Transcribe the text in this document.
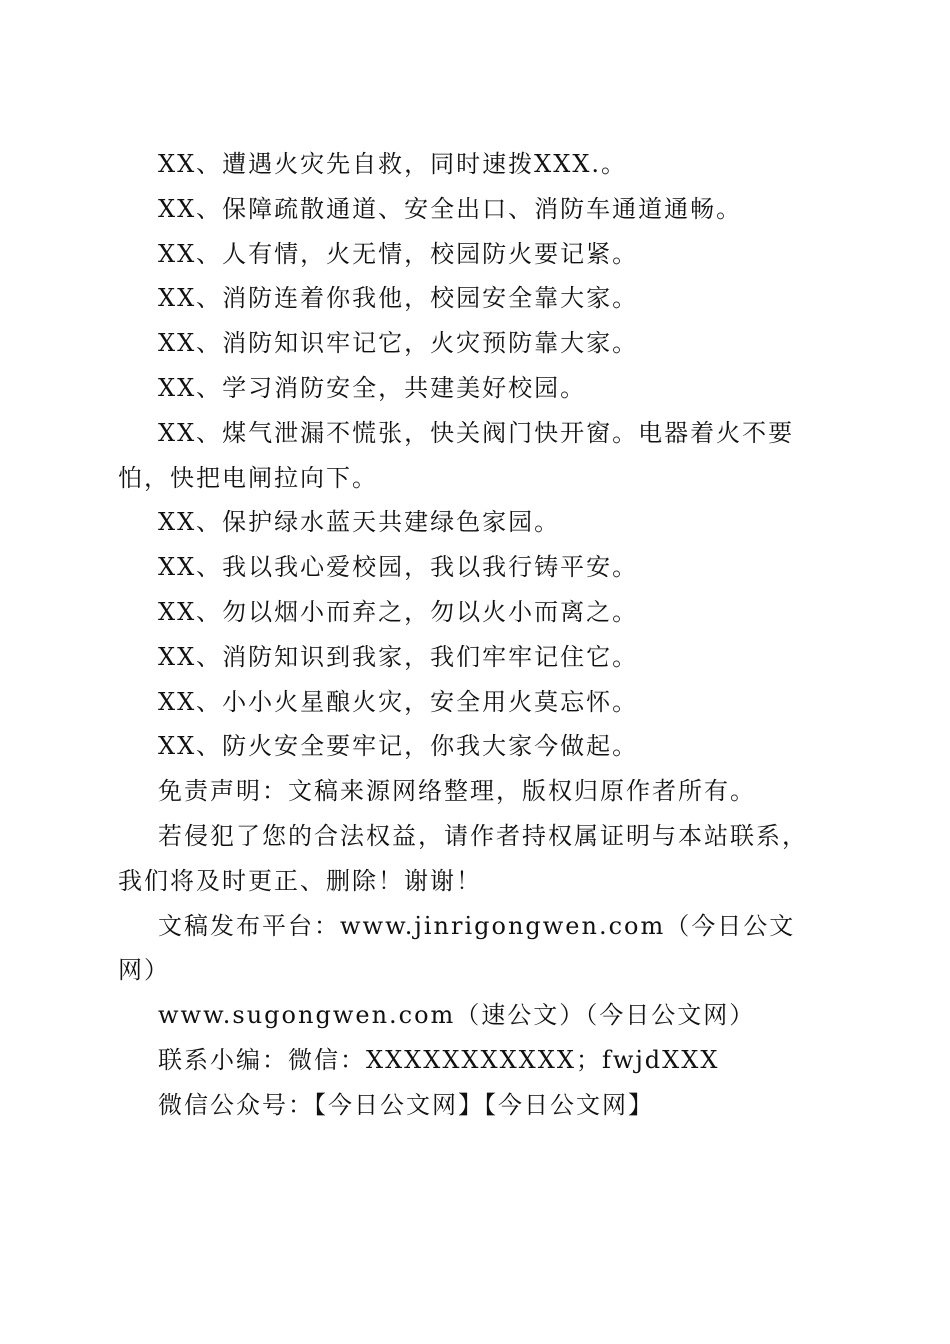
XX、遭遇火灾先自救，同时速拨XXX.。

XX、保障疏散通道、安全出口、消防车通道通畅。

XX、人有情，火无情，校园防火要记紧。

XX、消防连着你我他，校园安全靠大家。

XX、消防知识牢记它，火灾预防靠大家。

XX、学习消防安全，共建美好校园。

XX、煤气泄漏不慌张，快关阀门快开窗。电器着火不要怕，快把电闸拉向下。

XX、保护绿水蓝天共建绿色家园。

XX、我以我心爱校园，我以我行铸平安。

XX、勿以烟小而弃之，勿以火小而离之。

XX、消防知识到我家，我们牢牢记住它。

XX、小小火星酿火灾，安全用火莫忘怀。

XX、防火安全要牢记，你我大家今做起。

免责声明：文稿来源网络整理，版权归原作者所有。

若侵犯了您的合法权益，请作者持权属证明与本站联系，我们将及时更正、删除！谢谢！

文稿发布平台：www.jinrigongwen.com（今日公文网）

www.sugongwen.com（速公文）（今日公文网）

联系小编：微信：XXXXXXXXXXX；fwjdXXX

微信公众号：【今日公文网】【今日公文网】
